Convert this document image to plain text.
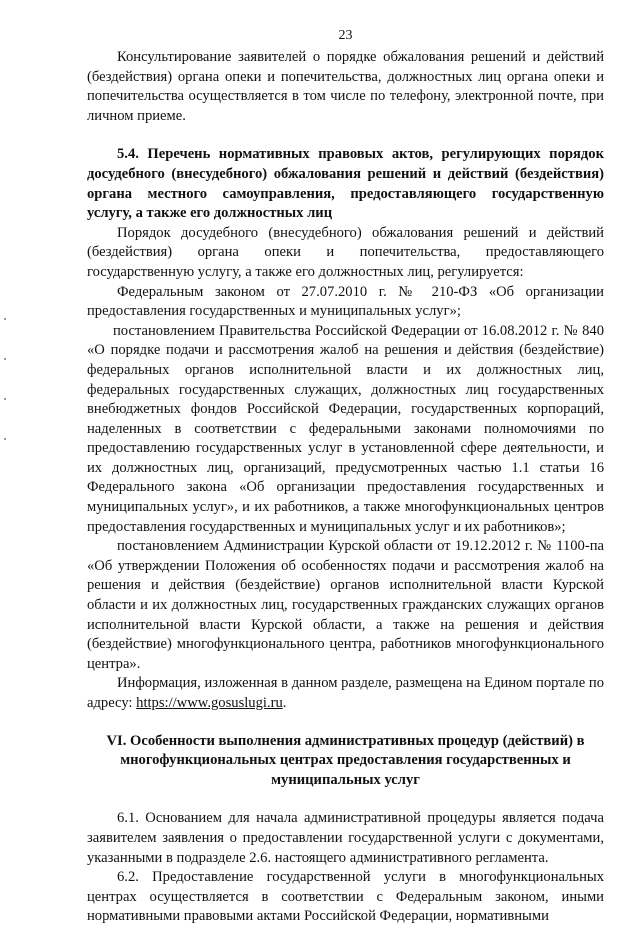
23

Консультирование заявителей о порядке обжалования решений и действий (бездействия) органа опеки и попечительства, должностных лиц органа опеки и попечительства осуществляется в том числе по телефону, электронной почте, при личном приеме.

5.4. Перечень нормативных правовых актов, регулирующих порядок досудебного (внесудебного) обжалования решений и действий (бездействия) органа местного самоуправления, предоставляющего государственную услугу, а также его должностных лиц

Порядок досудебного (внесудебного) обжалования решений и действий (бездействия) органа опеки и попечительства, предоставляющего государственную услугу, а также его должностных лиц, регулируется:

Федеральным законом от 27.07.2010 г. № 210-ФЗ «Об организации предоставления государственных и муниципальных услуг»;

постановлением Правительства Российской Федерации от 16.08.2012 г. № 840 «О порядке подачи и рассмотрения жалоб на решения и действия (бездействие) федеральных органов исполнительной власти и их должностных лиц, федеральных государственных служащих, должностных лиц государственных внебюджетных фондов Российской Федерации, государственных корпораций, наделенных в соответствии с федеральными законами полномочиями по предоставлению государственных услуг в установленной сфере деятельности, и их должностных лиц, организаций, предусмотренных частью 1.1 статьи 16 Федерального закона «Об организации предоставления государственных и муниципальных услуг», и их работников, а также многофункциональных центров предоставления государственных и муниципальных услуг и их работников»;

постановлением Администрации Курской области от 19.12.2012 г. № 1100-па «Об утверждении Положения об особенностях подачи и рассмотрения жалоб на решения и действия (бездействие) органов исполнительной власти Курской области и их должностных лиц, государственных гражданских служащих органов исполнительной власти Курской области, а также на решения и действия (бездействие) многофункционального центра, работников многофункционального центра».

Информация, изложенная в данном разделе, размещена на Едином портале по адресу: https://www.gosuslugi.ru.

VI. Особенности выполнения административных процедур (действий) в многофункциональных центрах предоставления государственных и муниципальных услуг

6.1. Основанием для начала административной процедуры является подача заявителем заявления о предоставлении государственной услуги с документами, указанными в подразделе 2.6. настоящего административного регламента.

6.2. Предоставление государственной услуги в многофункциональных центрах осуществляется в соответствии с Федеральным законом, иными нормативными правовыми актами Российской Федерации, нормативными
